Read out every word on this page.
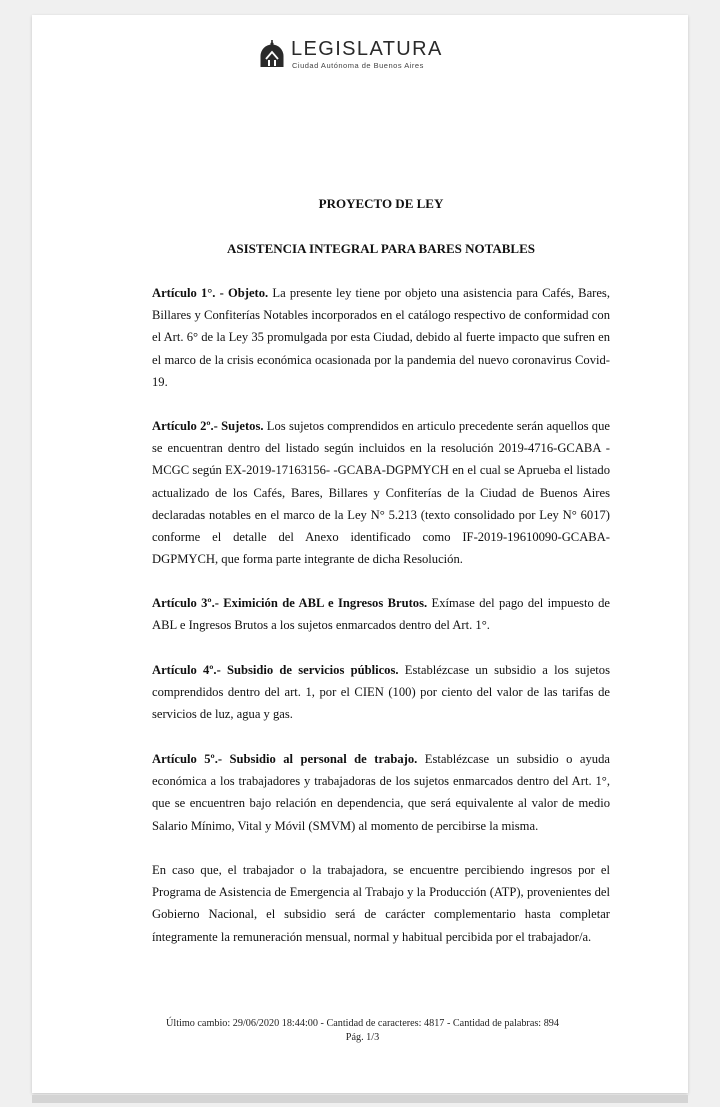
LEGISLATURA
Ciudad Autónoma de Buenos Aires
PROYECTO DE LEY
ASISTENCIA INTEGRAL PARA BARES NOTABLES
Artículo 1°. - Objeto. La presente ley tiene por objeto una asistencia para Cafés, Bares, Billares y Confiterías Notables incorporados en el catálogo respectivo de conformidad con el Art. 6° de la Ley 35 promulgada por esta Ciudad, debido al fuerte impacto que sufren en el marco de la crisis económica ocasionada por la pandemia del nuevo coronavirus Covid-19.
Artículo 2º.- Sujetos. Los sujetos comprendidos en articulo precedente serán aquellos que se encuentran dentro del listado según incluidos en la resolución 2019-4716-GCABA - MCGC según EX-2019-17163156- -GCABA-DGPMYCH en el cual se Aprueba el listado actualizado de los Cafés, Bares, Billares y Confiterías de la Ciudad de Buenos Aires declaradas notables en el marco de la Ley N° 5.213 (texto consolidado por Ley N° 6017) conforme el detalle del Anexo identificado como IF-2019-19610090-GCABA-DGPMYCH, que forma parte integrante de dicha Resolución.
Artículo 3º.- Eximición de ABL e Ingresos Brutos. Exímase del pago del impuesto de ABL e Ingresos Brutos a los sujetos enmarcados dentro del Art. 1°.
Artículo 4º.- Subsidio de servicios públicos. Establézcase un subsidio a los sujetos comprendidos dentro del art. 1, por el CIEN (100) por ciento del valor de las tarifas de servicios de luz, agua y gas.
Artículo 5º.- Subsidio al personal de trabajo. Establézcase un subsidio o ayuda económica a los trabajadores y trabajadoras de los sujetos enmarcados dentro del Art. 1°, que se encuentren bajo relación en dependencia, que será equivalente al valor de medio Salario Mínimo, Vital y Móvil (SMVM) al momento de percibirse la misma.
En caso que, el trabajador o la trabajadora, se encuentre percibiendo ingresos por el Programa de Asistencia de Emergencia al Trabajo y la Producción (ATP), provenientes del Gobierno Nacional, el subsidio será de carácter complementario hasta completar íntegramente la remuneración mensual, normal y habitual percibida por el trabajador/a.
Último cambio: 29/06/2020 18:44:00 - Cantidad de caracteres: 4817 - Cantidad de palabras: 894
Pág. 1/3
